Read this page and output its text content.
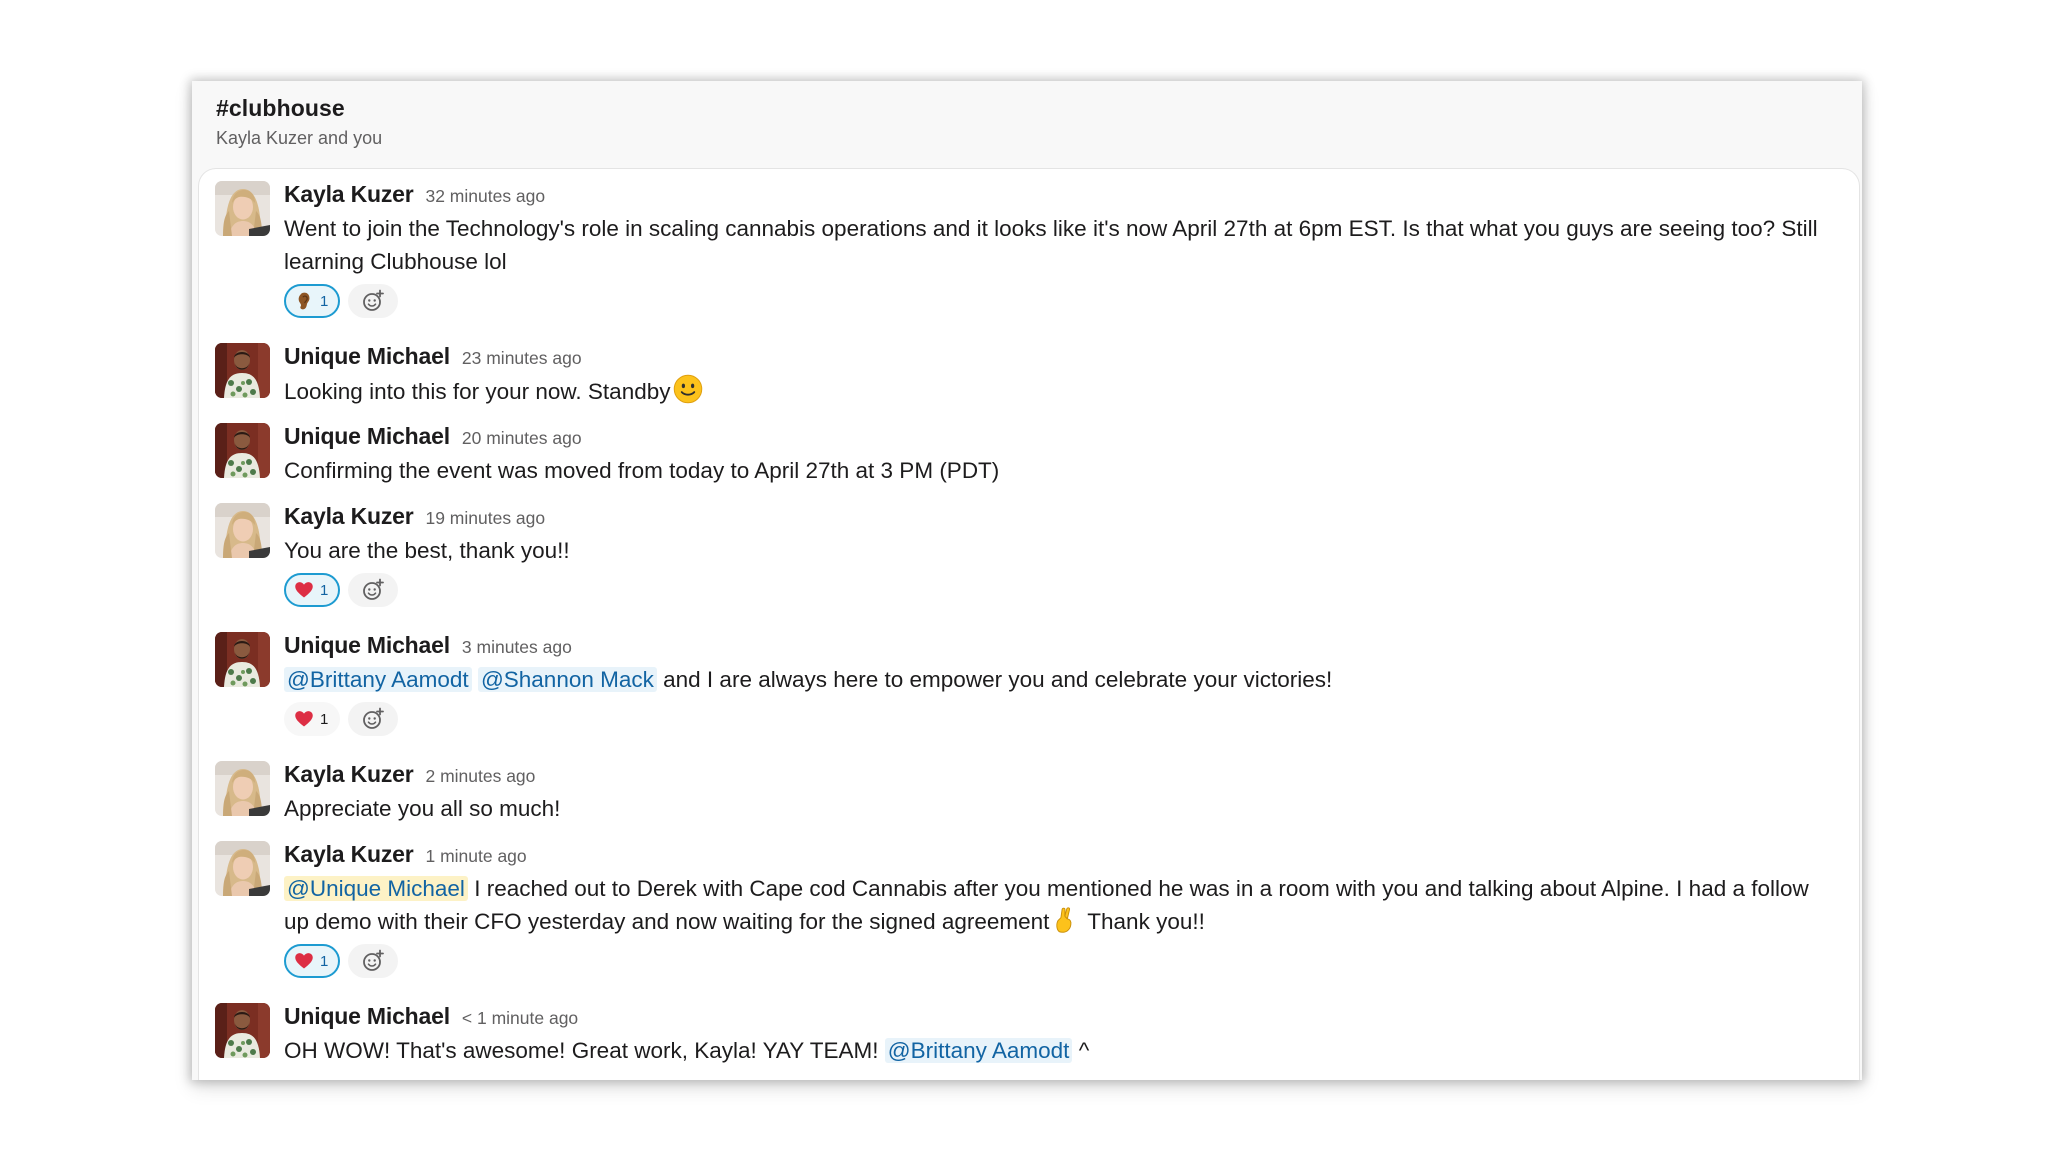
#clubhouse
Kayla Kuzer and you
Kayla Kuzer 32 minutes ago
Went to join the Technology's role in scaling cannabis operations and it looks like it's now April 27th at 6pm EST. Is that what you guys are seeing too? Still learning Clubhouse lol
1
Unique Michael 23 minutes ago
Looking into this for your now. Standby
Unique Michael 20 minutes ago
Confirming the event was moved from today to April 27th at 3 PM (PDT)
Kayla Kuzer 19 minutes ago
You are the best, thank you!!
1
Unique Michael 3 minutes ago
@Brittany Aamodt @Shannon Mack and I are always here to empower you and celebrate your victories!
1
Kayla Kuzer 2 minutes ago
Appreciate you all so much!
Kayla Kuzer 1 minute ago
@Unique Michael I reached out to Derek with Cape cod Cannabis after you mentioned he was in a room with you and talking about Alpine. I had a follow up demo with their CFO yesterday and now waiting for the signed agreement Thank you!!
1
Unique Michael < 1 minute ago
OH WOW! That's awesome! Great work, Kayla! YAY TEAM! @Brittany Aamodt ^
